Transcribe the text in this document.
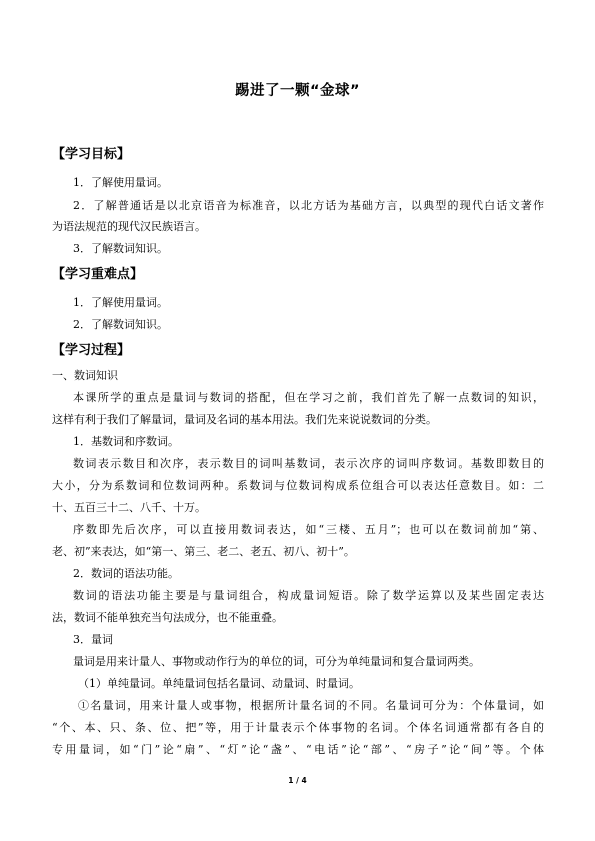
踢进了一颗“金球”
【学习目标】
1．了解使用量词。
2．了解普通话是以北京语音为标准音，以北方话为基础方言，以典型的现代白话文著作
为语法规范的现代汉民族语言。
3．了解数词知识。
【学习重难点】
1．了解使用量词。
2．了解数词知识。
【学习过程】
一、数词知识
本课所学的重点是量词与数词的搭配，但在学习之前，我们首先了解一点数词的知识，
这样有利于我们了解量词，量词及名词的基本用法。我们先来说说数词的分类。
1．基数词和序数词。
数词表示数目和次序，表示数目的词叫基数词，表示次序的词叫序数词。基数即数目的
大小，分为系数词和位数词两种。系数词与位数词构成系位组合可以表达任意数目。如：二
十、五百三十二、八千、十万。
序数即先后次序，可以直接用数词表达，如“三楼、五月”；也可以在数词前加“第、
老、初”来表达，如“第一、第三、老二、老五、初八、初十”。
2．数词的语法功能。
数词的语法功能主要是与量词组合，构成量词短语。除了数学运算以及某些固定表达
法，数词不能单独充当句法成分，也不能重叠。
3．量词
量词是用来计量人、事物或动作行为的单位的词，可分为单纯量词和复合量词两类。
（1）单纯量词。单纯量词包括名量词、动量词、时量词。
①名量词，用来计量人或事物，根据所计量名词的不同。名量词可分为：个体量词，如
“个、本、只、条、位、把”等，用于计量表示个体事物的名词。个体名词通常都有各自的
专用量词，如“门”论“扇”、“灯”论“盏”、“电话”论“部”、“房子”论“间”等。个体
1 / 4
